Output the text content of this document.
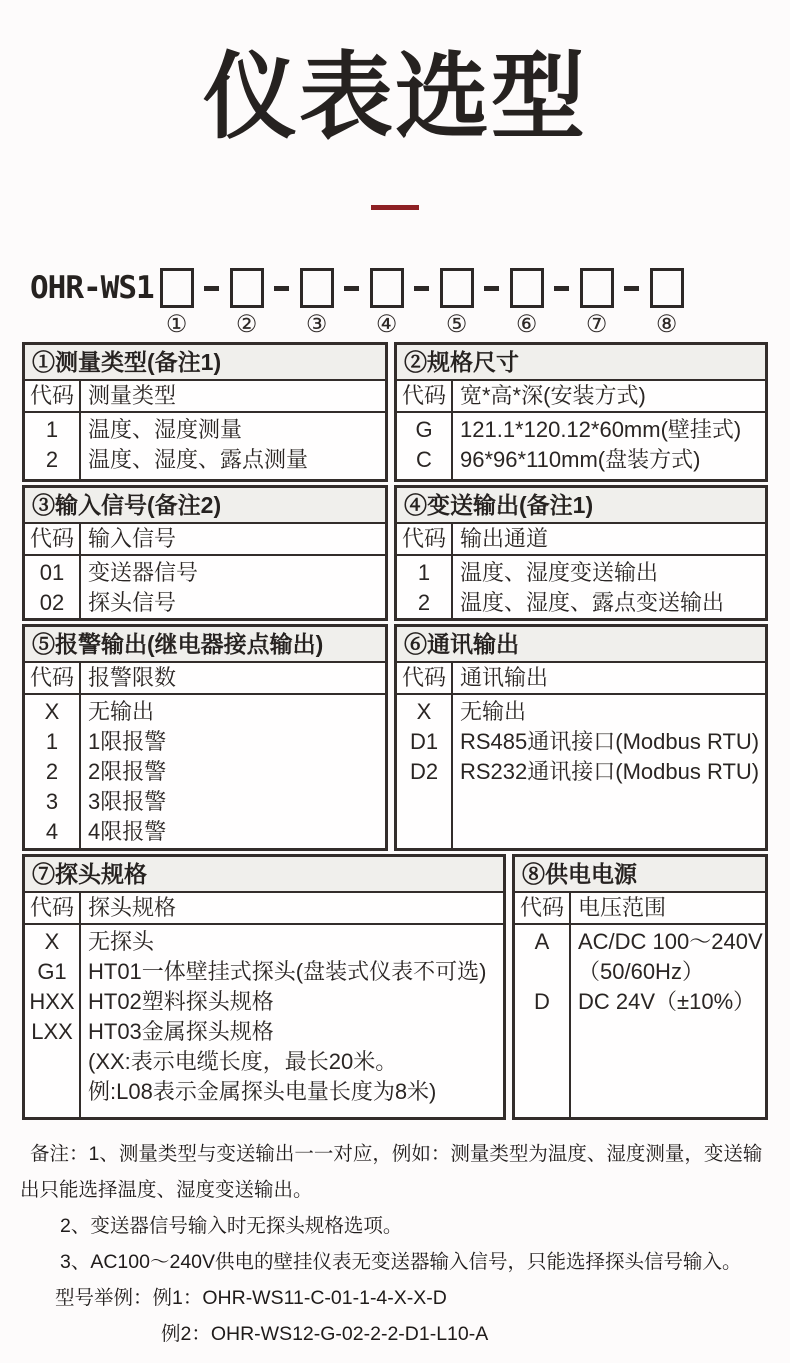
仪表选型
OHR-WS1
① ② ③ ④ ⑤ ⑥ ⑦ ⑧
①测量类型(备注1)
代码 测量类型
1
2
温度、湿度测量
温度、湿度、露点测量
②规格尺寸
代码 宽*高*深(安装方式)
G
C
121.1*120.12*60mm(壁挂式)
96*96*110mm(盘装方式)
③输入信号(备注2)
代码 输入信号
01
02
变送器信号
探头信号
④变送输出(备注1)
代码 输出通道
1
2
温度、湿度变送输出
温度、湿度、露点变送输出
⑤报警输出(继电器接点输出)
代码 报警限数
X
1
2
3
4
无输出
1限报警
2限报警
3限报警
4限报警
⑥通讯输出
代码 通讯输出
X
D1
D2
无输出
RS485通讯接口(Modbus RTU)
RS232通讯接口(Modbus RTU)
⑦探头规格
代码 探头规格
X
G1
HXX
LXX
无探头
HT01一体壁挂式探头(盘装式仪表不可选)
HT02塑料探头规格
HT03金属探头规格
(XX:表示电缆长度，最长20米。
例:L08表示金属探头电量长度为8米)
⑧供电电源
代码 电压范围
A
D
AC/DC 100～240V
（50/60Hz）
DC 24V（±10%）
备注：1、测量类型与变送输出一一对应，例如：测量类型为温度、湿度测量，变送输出只能选择温度、湿度变送输出。
2、变送器信号输入时无探头规格选项。
3、AC100～240V供电的壁挂仪表无变送器输入信号，只能选择探头信号输入。
型号举例：例1：OHR-WS11-C-01-1-4-X-X-D
例2：OHR-WS12-G-02-2-2-D1-L10-A
